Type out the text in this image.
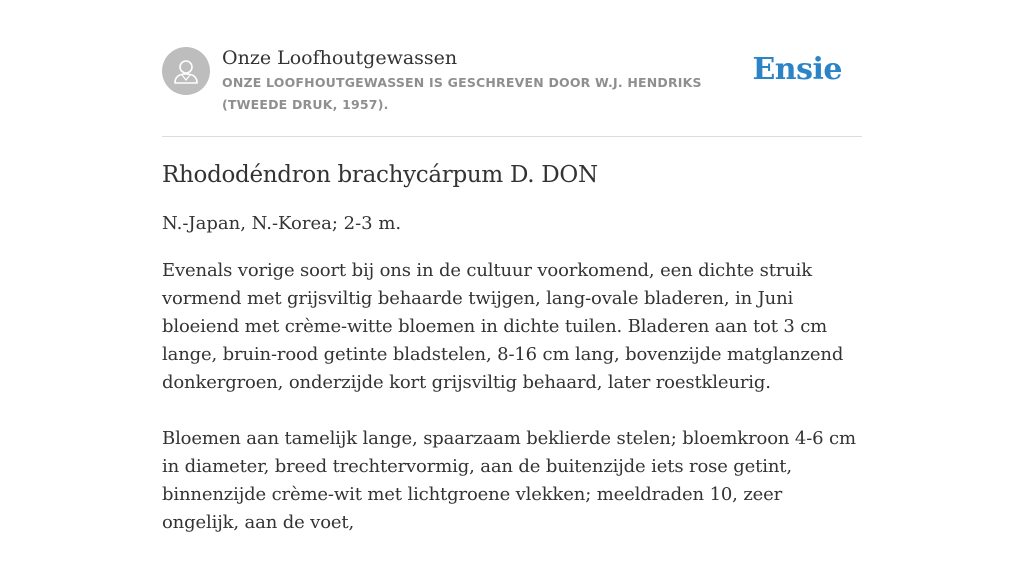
Onze Loofhoutgewassen
ONZE LOOFHOUTGEWASSEN IS GESCHREVEN DOOR W.J. HENDRIKS (TWEEDE DRUK, 1957).
Ensie
Rhododéndron brachycárpum D. DON

N.-Japan, N.-Korea; 2-3 m.

Evenals vorige soort bij ons in de cultuur voorkomend, een dichte struik vormend met grijsviltig behaarde twijgen, lang-ovale bladeren, in Juni bloeiend met crème-witte bloemen in dichte tuilen. Bladeren aan tot 3 cm lange, bruin-rood getinte bladstelen, 8-16 cm lang, bovenzijde matglanzend donkergroen, onderzijde kort grijsviltig behaard, later roestkleurig.

Bloemen aan tamelijk lange, spaarzaam beklierde stelen; bloemkroon 4-6 cm in diameter, breed trechtervormig, aan de buitenzijde iets rose getint, binnenzijde crème-wit met lichtgroene vlekken; meeldraden 10, zeer ongelijk, aan de voet,
